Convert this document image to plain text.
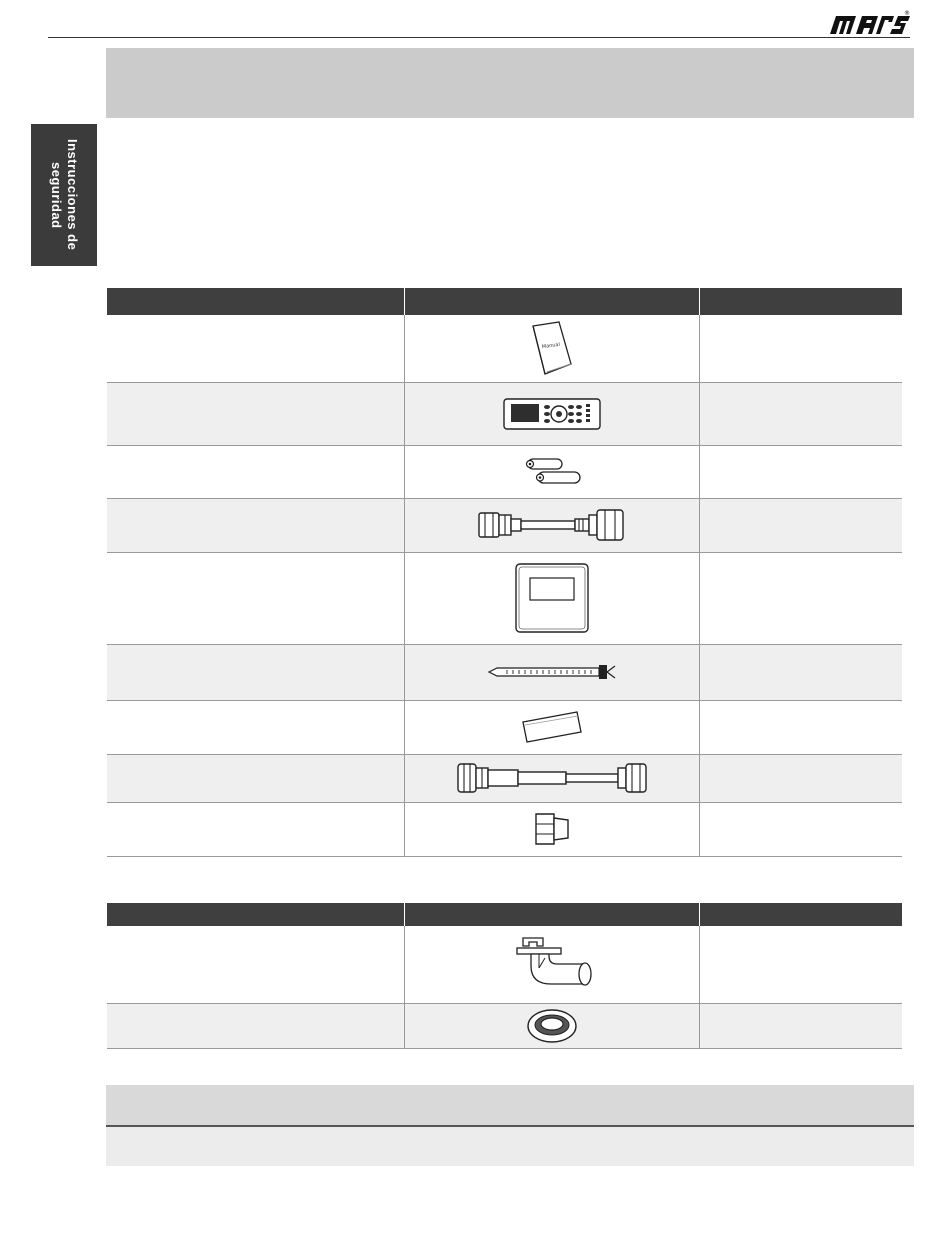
®
Instrucciones de
seguridad

Manual	
